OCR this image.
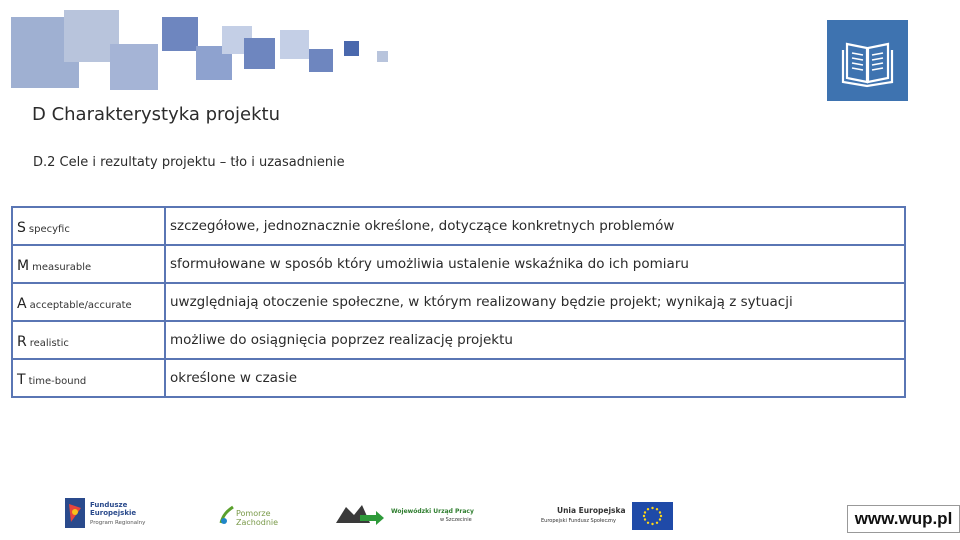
D Charakterystyka projektu
D.2 Cele i rezultaty projektu – tło i uzasadnienie
S specyfic	szczegółowe, jednoznacznie określone, dotyczące konkretnych problemów
M measurable	sformułowane w sposób który umożliwia ustalenie wskaźnika do ich pomiaru
A acceptable/accurate	uwzględniają otoczenie społeczne, w którym realizowany będzie projekt; wynikają z sytuacji
R realistic	możliwe do osiągnięcia poprzez realizację projektu
T time-bound	określone w czasie
Fundusze Europejskie
Program Regionalny
Pomorze Zachodnie
Wojewódzki Urząd Pracy
w Szczecinie
Unia Europejska
Europejski Fundusz Społeczny	www.wup.pl
